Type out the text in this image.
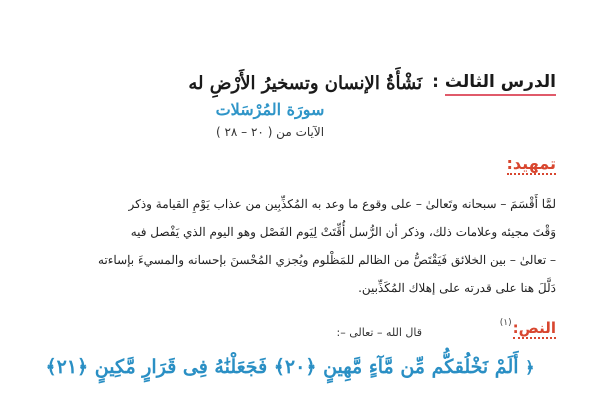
الدرس الثالث
:
نَشْأَةُ الإنسان وتسخيرُ الأَرْضِ له
سورَة المُرْسَلات
الآيات من ( ٢٠ – ٢٨ )
تمهيد:
لمَّا أَقْسَمَ – سبحانه وتَعالىٰ – على وقوع ما وعد به المُكذِّبِين من عذاب يَوْمِ القيامة وذكر
وَقْتَ مجيئه وعلامات ذلك، وذكر أن الرُّسل أُقِّتَتْ لِيَوم الفَصْل وهو اليوم الذي يَفْصل فيه
– تعالىٰ – بين الخلائق فَيَقْتَصُّ من الظالم للمَظْلوم ويُجزي المُحْسنَ بإحسانه والمسيءَ بإساءته
دَلَّلَ هنا على قدرته على إهلاك المُكَذِّبين.
النص:
(١)
قال الله – تعالى –:
﴿ أَلَمْ نَخْلُقكُّم مِّن مَّآءٍ مَّهِينٍ ﴿٢٠﴾ فَجَعَلْنَٰهُ فِى قَرَارٍ مَّكِينٍ ﴿٢١﴾
